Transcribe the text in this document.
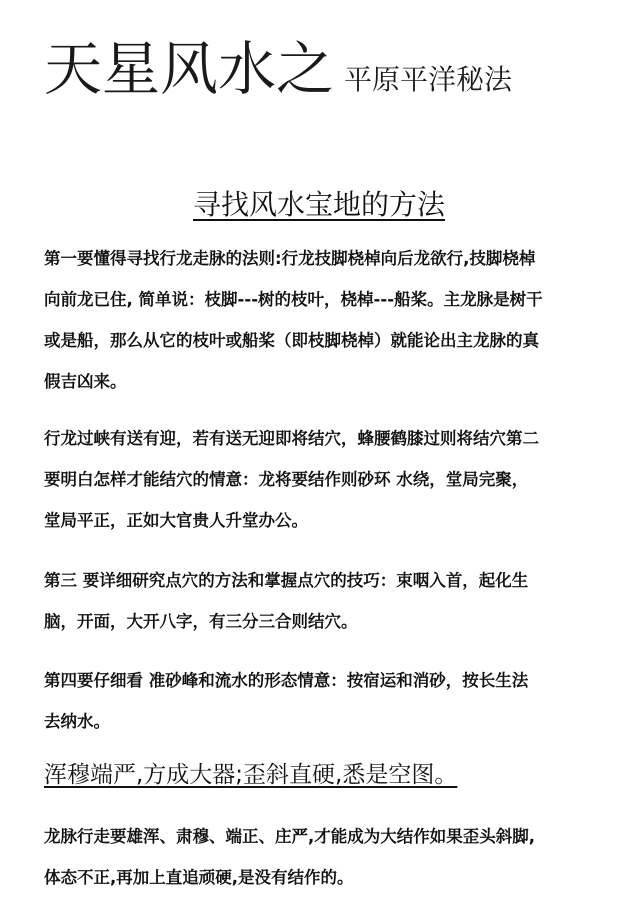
天星风水之 平原平洋秘法
寻找风水宝地的方法

第一要懂得寻找行龙走脉的法则:行龙技脚桡棹向后龙欲行,技脚桡棹
向前龙已住, 简单说：枝脚---树的枝叶，桡棹---船桨。主龙脉是树干
或是船，那么从它的枝叶或船桨（即枝脚桡棹）就能论出主龙脉的真
假吉凶来。

行龙过峡有送有迎，若有送无迎即将结穴，蜂腰鹤膝过则将结穴第二
要明白怎样才能结穴的情意：龙将要结作则砂环 水绕，堂局完聚，
堂局平正，正如大官贵人升堂办公。

第三 要详细研究点穴的方法和掌握点穴的技巧：束咽入首，起化生
脑，开面，大开八字，有三分三合则结穴。

第四要仔细看 准砂峰和流水的形态情意：按宿运和消砂，按长生法
去纳水。

浑穆端严,方成大器;歪斜直硬,悉是空图。

龙脉行走要雄浑、肃穆、端正、庄严,才能成为大结作如果歪头斜脚,
体态不正,再加上直追顽硬,是没有结作的。
